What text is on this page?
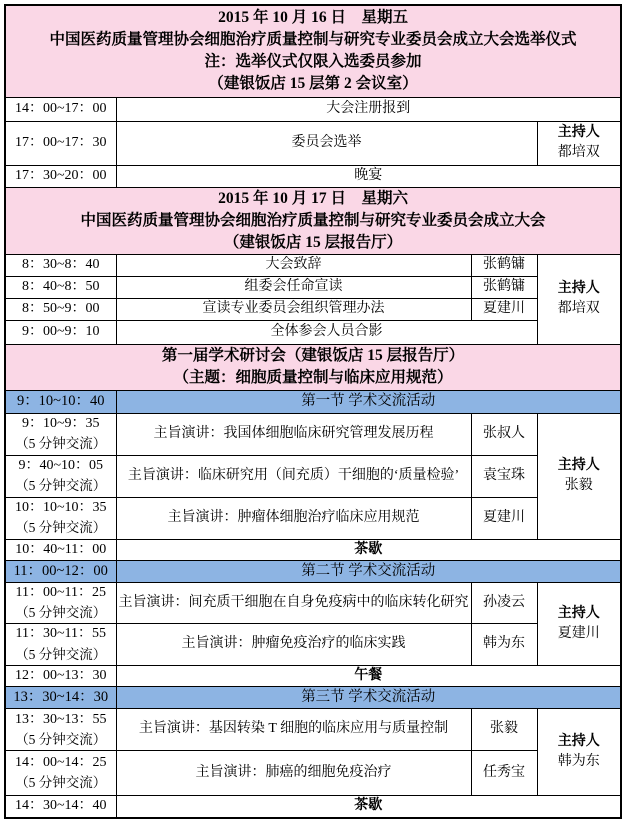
2015 年 10 月 16 日　星期五
中国医药质量管理协会细胞治疗质量控制与研究专业委员会成立大会选举仪式
注：选举仪式仅限入选委员参加
（建银饭店 15 层第 2 会议室）			

14：00~17：00	大会注册报到		
17：00~17：30	委员会选举		主持人
都培双

17：30~20：00	晚宴		

2015 年 10 月 17 日　星期六
中国医药质量管理协会细胞治疗质量控制与研究专业委员会成立大会
（建银饭店 15 层报告厅）			

8：30~8：40	大会致辞	张鹤镛	主持人
都培双

8：40~8：50	组委会任命宣读	张鹤镛	
8：50~9：00	宣读专业委员会组织管理办法	夏建川	
9：00~9：10	全体参会人员合影		

第一届学术研讨会（建银饭店 15 层报告厅）
（主题：细胞质量控制与临床应用规范）			

9：10~10：40	第一节 学术交流活动		

9：10~9：35
（5 分钟交流）
	主旨演讲：我国体细胞临床研究管理发展历程	张叔人	
主持人
张毅

9：40~10：05
（5 分钟交流）	主旨演讲：临床研究用（间充质）干细胞的‘质量检验’	袁宝珠	

10：10~10：35
（5 分钟交流）	主旨演讲：肿瘤体细胞治疗临床应用规范	夏建川	
10：40~11：00	茶歇		
11：00~12：00	第二节 学术交流活动		

11：00~11：25
（5 分钟交流）
	主旨演讲：间充质干细胞在自身免疫病中的临床转化研究	孙凌云	
主持人
夏建川

11：30~11：55
（5 分钟交流）	主旨演讲：肿瘤免疫治疗的临床实践	韩为东	
12：00~13：30	午餐		
13：30~14：30	第三节 学术交流活动		

13：30~13：55
（5 分钟交流）
	主旨演讲：基因转染 T 细胞的临床应用与质量控制	张毅	
主持人
韩为东

14：00~14：25
（5 分钟交流）	主旨演讲：肺癌的细胞免疫治疗	任秀宝	
14：30~14：40	茶歇		
